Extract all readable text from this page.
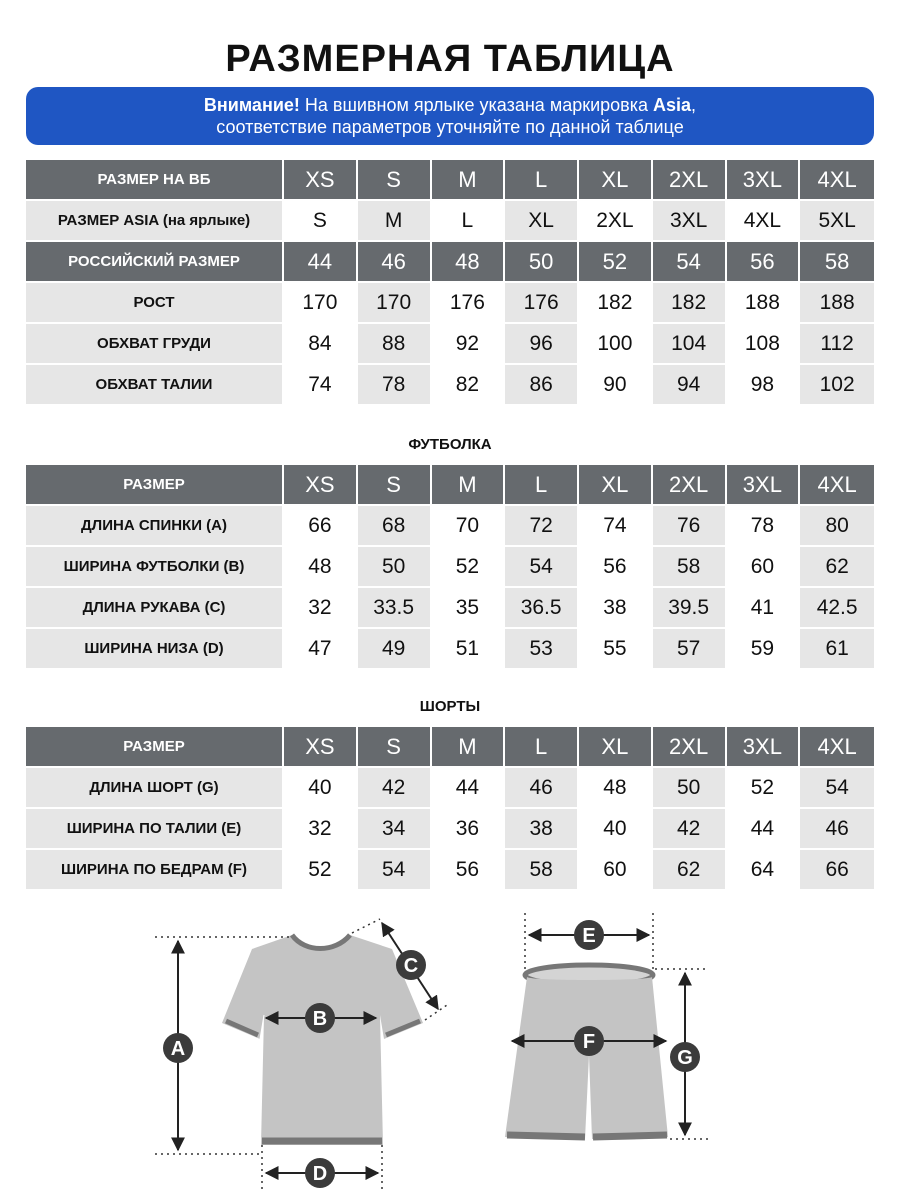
РАЗМЕРНАЯ ТАБЛИЦА
Внимание! На вшивном ярлыке указана маркировка Asia,
соответствие параметров уточняйте по данной таблице
РАЗМЕР НА ВБ	XS	S	M	L	XL	2XL	3XL	4XL
РАЗМЕР ASIA (на ярлыке)	S	M	L	XL	2XL	3XL	4XL	5XL
РОССИЙСКИЙ РАЗМЕР	44	46	48	50	52	54	56	58
РОСТ	170	170	176	176	182	182	188	188
ОБХВАТ ГРУДИ	84	88	92	96	100	104	108	112
ОБХВАТ ТАЛИИ	74	78	82	86	90	94	98	102
ФУТБОЛКА
РАЗМЕР	XS	S	M	L	XL	2XL	3XL	4XL
ДЛИНА СПИНКИ (A)	66	68	70	72	74	76	78	80
ШИРИНА ФУТБОЛКИ (B)	48	50	52	54	56	58	60	62
ДЛИНА РУКАВА (C)	32	33.5	35	36.5	38	39.5	41	42.5
ШИРИНА НИЗА (D)	47	49	51	53	55	57	59	61
ШОРТЫ
РАЗМЕР	XS	S	M	L	XL	2XL	3XL	4XL
ДЛИНА ШОРТ (G)	40	42	44	46	48	50	52	54
ШИРИНА ПО ТАЛИИ (E)	32	34	36	38	40	42	44	46
ШИРИНА ПО БЕДРАМ (F)	52	54	56	58	60	62	64	66
A
B
C
D
E
F
G
